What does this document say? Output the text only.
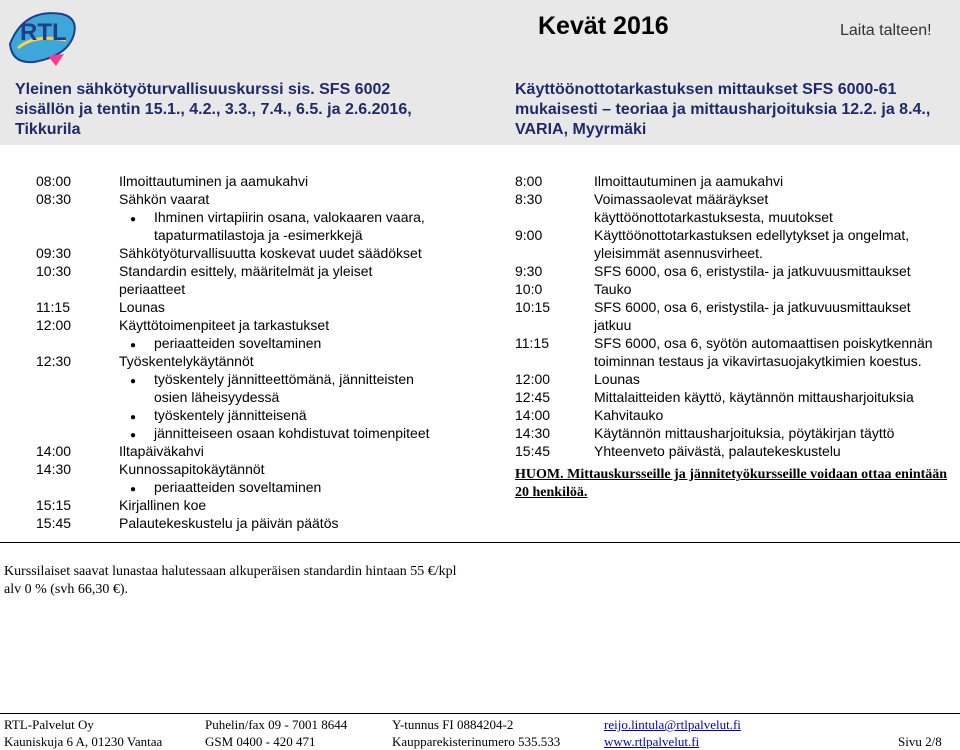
RTL	Kevät 2016	Laita talteen!
Yleinen sähkötyöturvallisuuskurssi sis. SFS 6002
sisällön ja tentin 15.1., 4.2., 3.3., 7.4., 6.5. ja 2.6.2016,
Tikkurila
Käyttöönottotarkastuksen mittaukset SFS 6000-61
mukaisesti – teoriaa ja mittausharjoituksia 12.2. ja 8.4.,
VARIA, Myyrmäki
08:00	Ilmoittautuminen ja aamukahvi
08:30	Sähkön vaarat
● Ihminen virtapiirin osana, valokaaren vaara,
tapaturmatilastoja ja -esimerkkejä
09:30	Sähkötyöturvallisuutta koskevat uudet säädökset
10:30	Standardin esittely, määritelmät ja yleiset
periaatteet
11:15	Lounas
12:00	Käyttötoimenpiteet ja tarkastukset
● periaatteiden soveltaminen
12:30	Työskentelykäytännöt
● työskentely jännitteettömänä, jännitteisten
osien läheisyydessä
● työskentely jännitteisenä
● jännitteiseen osaan kohdistuvat toimenpiteet
14:00	Iltapäiväkahvi
14:30	Kunnossapitokäytännöt
● periaatteiden soveltaminen
15:15	Kirjallinen koe
15:45	Palautekeskustelu ja päivän päätös
8:00	Ilmoittautuminen ja aamukahvi
8:30	Voimassaolevat määräykset
käyttöönottotarkastuksesta, muutokset
9:00	Käyttöönottotarkastuksen edellytykset ja ongelmat,
yleisimmät asennusvirheet.
9:30	SFS 6000, osa 6, eristystila- ja jatkuvuusmittaukset
10:0	Tauko
10:15	SFS 6000, osa 6, eristystila- ja jatkuvuusmittaukset
jatkuu
11:15	SFS 6000, osa 6, syötön automaattisen poiskytkennän
toiminnan testaus ja vikavirtasuojakytkimien koestus.
12:00	Lounas
12:45	Mittalaitteiden käyttö, käytännön mittausharjoituksia
14:00	Kahvitauko
14:30	Käytännön mittausharjoituksia, pöytäkirjan täyttö
15:45	Yhteenveto päivästä, palautekeskustelu
HUOM. Mittauskursseille ja jännitetyökursseille voidaan ottaa enintään 20 henkilöä.
Kurssilaiset saavat lunastaa halutessaan alkuperäisen standardin hintaan 55 €/kpl alv 0 % (svh 66,30 €).
RTL-Palvelut Oy
Kauniskuja 6 A, 01230 Vantaa
Puhelin/fax 09 - 7001 8644
GSM 0400 - 420 471
Y-tunnus FI 0884204-2
Kaupparekisterinumero 535.533
reijo.lintula@rtlpalvelut.fi
www.rtlpalvelut.fi	Sivu 2/8
